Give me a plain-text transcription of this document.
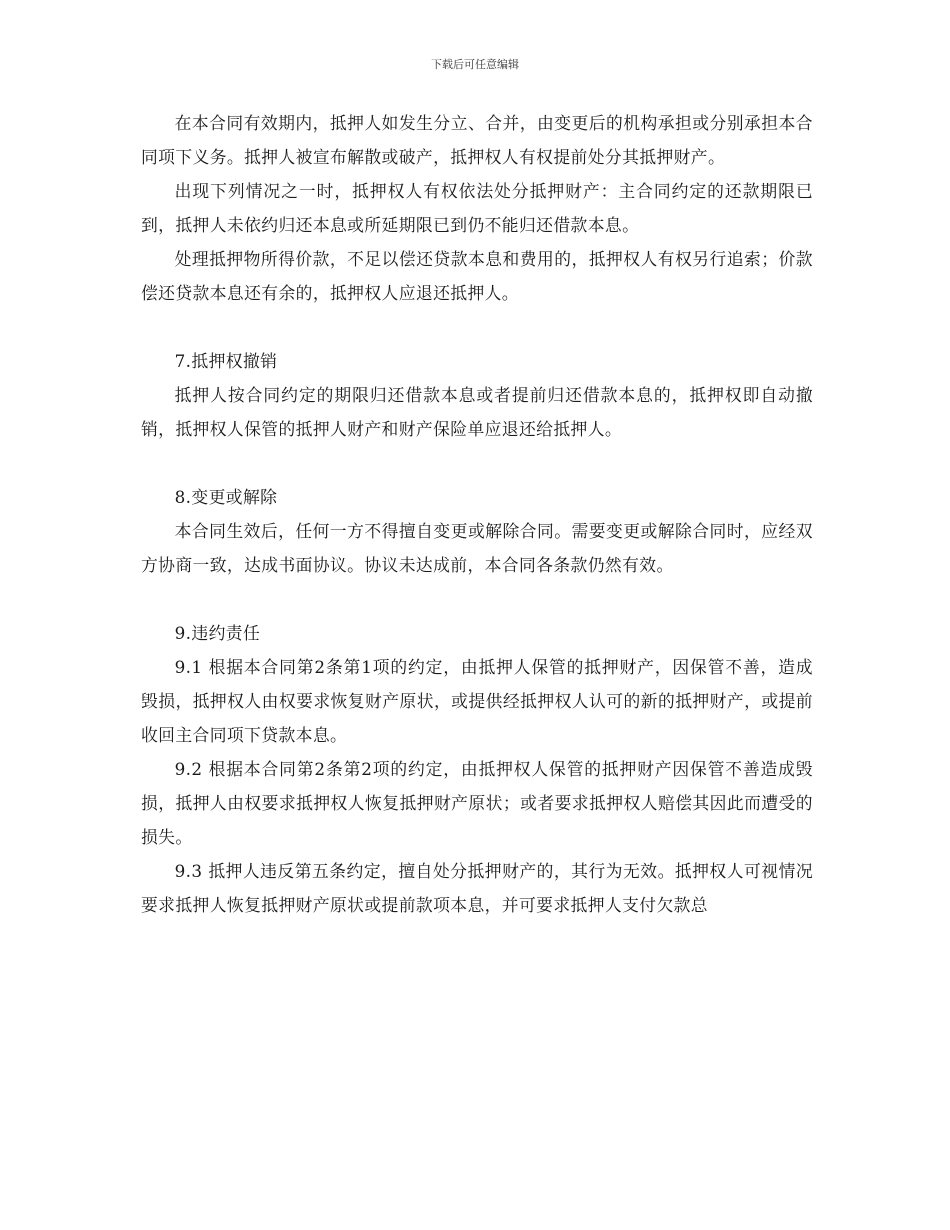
下载后可任意编辑

在本合同有效期内，抵押人如发生分立、合并，由变更后的机构承担或分别承担本合同项下义务。抵押人被宣布解散或破产，抵押权人有权提前处分其抵押财产。

出现下列情况之一时，抵押权人有权依法处分抵押财产：主合同约定的还款期限已到，抵押人未依约归还本息或所延期限已到仍不能归还借款本息。

处理抵押物所得价款，不足以偿还贷款本息和费用的，抵押权人有权另行追索；价款偿还贷款本息还有余的，抵押权人应退还抵押人。

7.抵押权撤销

抵押人按合同约定的期限归还借款本息或者提前归还借款本息的，抵押权即自动撤销，抵押权人保管的抵押人财产和财产保险单应退还给抵押人。

8.变更或解除

本合同生效后，任何一方不得擅自变更或解除合同。需要变更或解除合同时，应经双方协商一致，达成书面协议。协议未达成前，本合同各条款仍然有效。

9.违约责任

9.1 根据本合同第2条第1项的约定，由抵押人保管的抵押财产，因保管不善，造成毁损，抵押权人由权要求恢复财产原状，或提供经抵押权人认可的新的抵押财产，或提前收回主合同项下贷款本息。

9.2 根据本合同第2条第2项的约定，由抵押权人保管的抵押财产因保管不善造成毁损，抵押人由权要求抵押权人恢复抵押财产原状；或者要求抵押权人赔偿其因此而遭受的损失。

9.3 抵押人违反第五条约定，擅自处分抵押财产的，其行为无效。抵押权人可视情况要求抵押人恢复抵押财产原状或提前款项本息，并可要求抵押人支付欠款总
